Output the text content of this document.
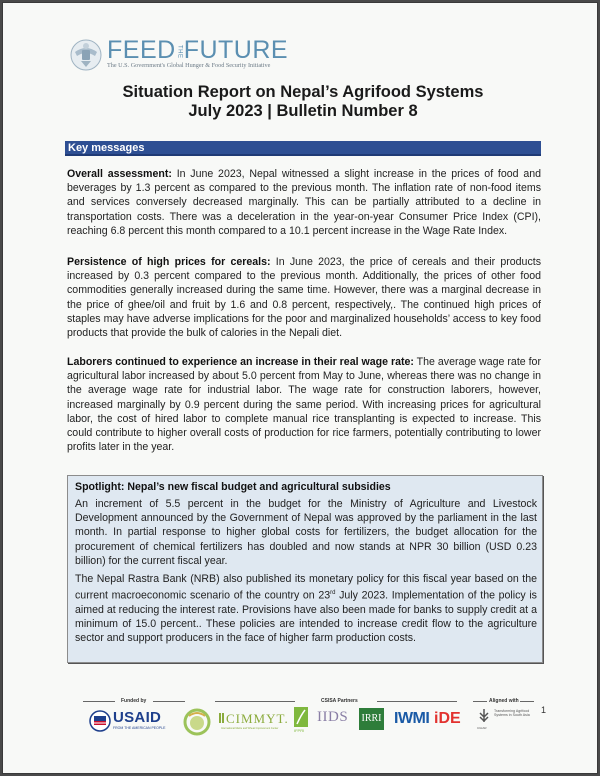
FEEDTHEFUTURE
The U.S. Government's Global Hunger & Food Security Initiative
Situation Report on Nepal’s Agrifood Systems
July 2023 | Bulletin Number 8
Key messages
Overall assessment: In June 2023, Nepal witnessed a slight increase in the prices of food and beverages by 1.3 percent as compared to the previous month. The inflation rate of non-food items and services conversely decreased marginally. This can be partially attributed to a decline in transportation costs. There was a deceleration in the year-on-year Consumer Price Index (CPI), reaching 6.8 percent this month compared to a 10.1 percent increase in the Wage Rate Index.
Persistence of high prices for cereals: In June 2023, the price of cereals and their products increased by 0.3 percent compared to the previous month. Additionally, the prices of other food commodities generally increased during the same time. However, there was a marginal decrease in the price of ghee/oil and fruit by 1.6 and 0.8 percent, respectively,. The continued high prices of staples may have adverse implications for the poor and marginalized households’ access to key food products that provide the bulk of calories in the Nepali diet.
Laborers continued to experience an increase in their real wage rate: The average wage rate for agricultural labor increased by about 5.0 percent from May to June, whereas there was no change in the average wage rate for industrial labor. The wage rate for construction laborers, however, increased marginally by 0.9 percent during the same period. With increasing prices for agricultural labor, the cost of hired labor to complete manual rice transplanting is expected to increase. This could contribute to higher overall costs of production for rice farmers, potentially contributing to lower profits later in the year.
Spotlight: Nepal’s new fiscal budget and agricultural subsidies
An increment of 5.5 percent in the budget for the Ministry of Agriculture and Livestock Development announced by the Government of Nepal was approved by the parliament in the last month. In partial response to higher global costs for fertilizers, the budget allocation for the procurement of chemical fertilizers has doubled and now stands at NPR 30 billion (USD 0.23 billion) for the current fiscal year.
The Nepal Rastra Bank (NRB) also published its monetary policy for this fiscal year based on the current macroeconomic scenario of the country on 23rd July 2023. Implementation of the policy is aimed at reducing the interest rate. Provisions have also been made for banks to supply credit at a minimum of 15.0 percent.. These policies are intended to increase credit flow to the agriculture sector and support producers in the face of higher farm production costs.
Funded by	CSISA Partners	Aligned with
USAID
FROM THE AMERICAN PEOPLE
CIMMYT.
International Maize and Wheat Improvement Center	IFPRI
IIDS IRRI IWMI iDE
CGIAR
Transforming Agrifood Systems in South Asia
1
